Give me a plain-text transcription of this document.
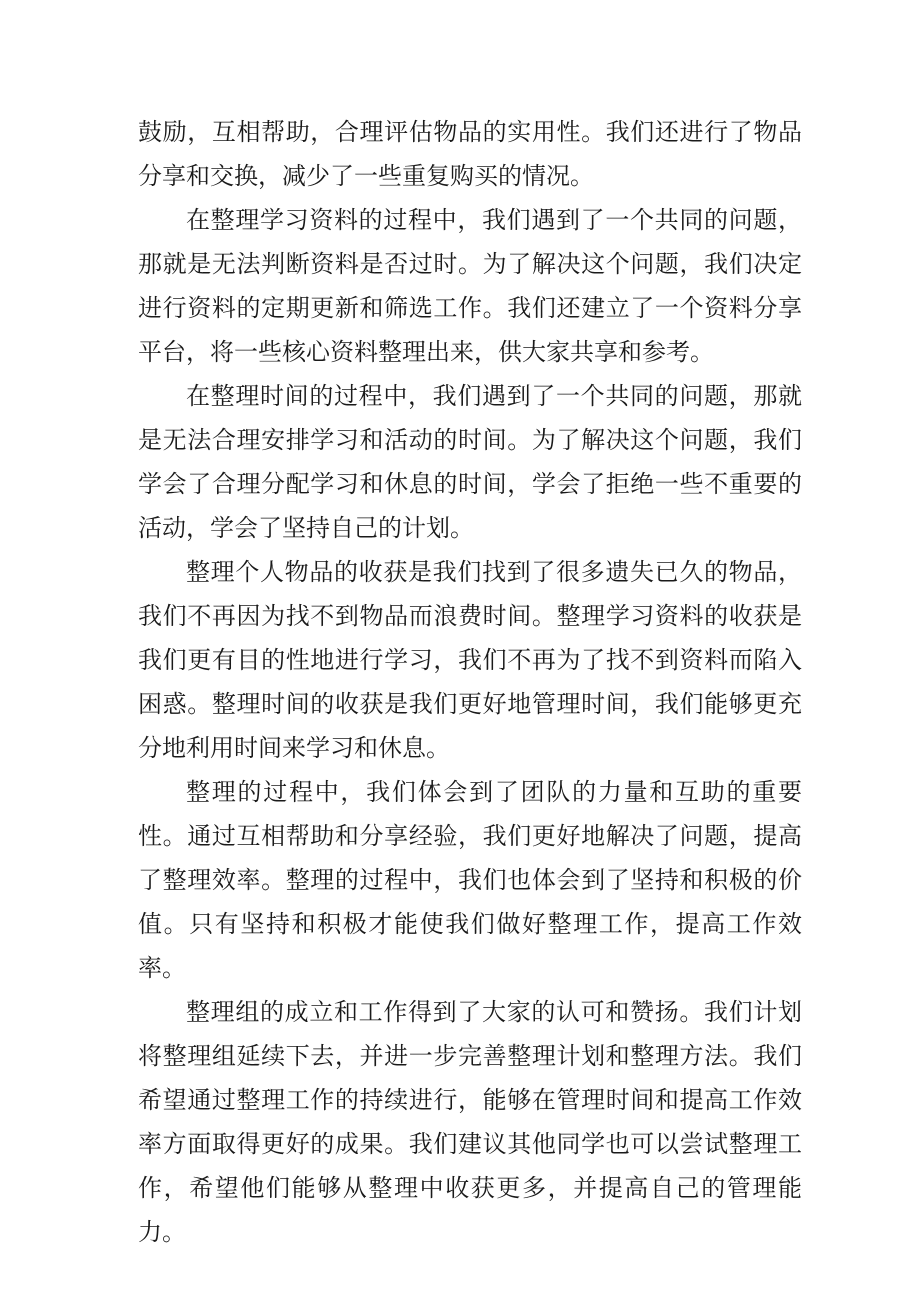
鼓励，互相帮助，合理评估物品的实用性。我们还进行了物品分享和交换，减少了一些重复购买的情况。

在整理学习资料的过程中，我们遇到了一个共同的问题，那就是无法判断资料是否过时。为了解决这个问题，我们决定进行资料的定期更新和筛选工作。我们还建立了一个资料分享平台，将一些核心资料整理出来，供大家共享和参考。

在整理时间的过程中，我们遇到了一个共同的问题，那就是无法合理安排学习和活动的时间。为了解决这个问题，我们学会了合理分配学习和休息的时间，学会了拒绝一些不重要的活动，学会了坚持自己的计划。

整理个人物品的收获是我们找到了很多遗失已久的物品，我们不再因为找不到物品而浪费时间。整理学习资料的收获是我们更有目的性地进行学习，我们不再为了找不到资料而陷入困惑。整理时间的收获是我们更好地管理时间，我们能够更充分地利用时间来学习和休息。

整理的过程中，我们体会到了团队的力量和互助的重要性。通过互相帮助和分享经验，我们更好地解决了问题，提高了整理效率。整理的过程中，我们也体会到了坚持和积极的价值。只有坚持和积极才能使我们做好整理工作，提高工作效率。

整理组的成立和工作得到了大家的认可和赞扬。我们计划将整理组延续下去，并进一步完善整理计划和整理方法。我们希望通过整理工作的持续进行，能够在管理时间和提高工作效率方面取得更好的成果。我们建议其他同学也可以尝试整理工作，希望他们能够从整理中收获更多，并提高自己的管理能力。
